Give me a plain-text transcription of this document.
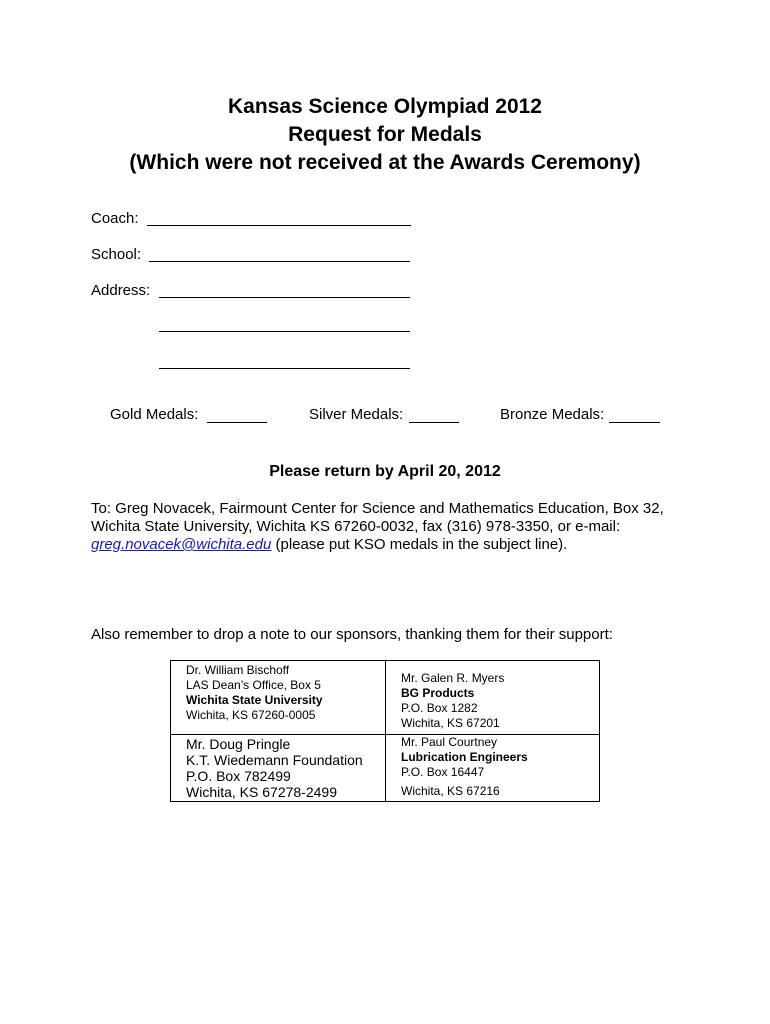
Kansas Science Olympiad 2012
Request for Medals
(Which were not received at the Awards Ceremony)
Coach:
School:
Address:
Gold Medals:	Silver Medals:	Bronze Medals:
Please return by April 20, 2012
To: Greg Novacek, Fairmount Center for Science and Mathematics Education, Box 32,
Wichita State University, Wichita KS 67260-0032, fax (316) 978-3350, or e-mail:
greg.novacek@wichita.edu (please put KSO medals in the subject line).
Also remember to drop a note to our sponsors, thanking them for their support:
Dr. William Bischoff
LAS Dean’s Office, Box 5
Wichita State University
Wichita, KS 67260-0005
Mr. Galen R. Myers
BG Products
P.O. Box 1282
Wichita, KS 67201
Mr. Doug Pringle
K.T. Wiedemann Foundation
P.O. Box 782499
Wichita, KS 67278-2499
Mr. Paul Courtney
Lubrication Engineers
P.O. Box 16447
Wichita, KS 67216
